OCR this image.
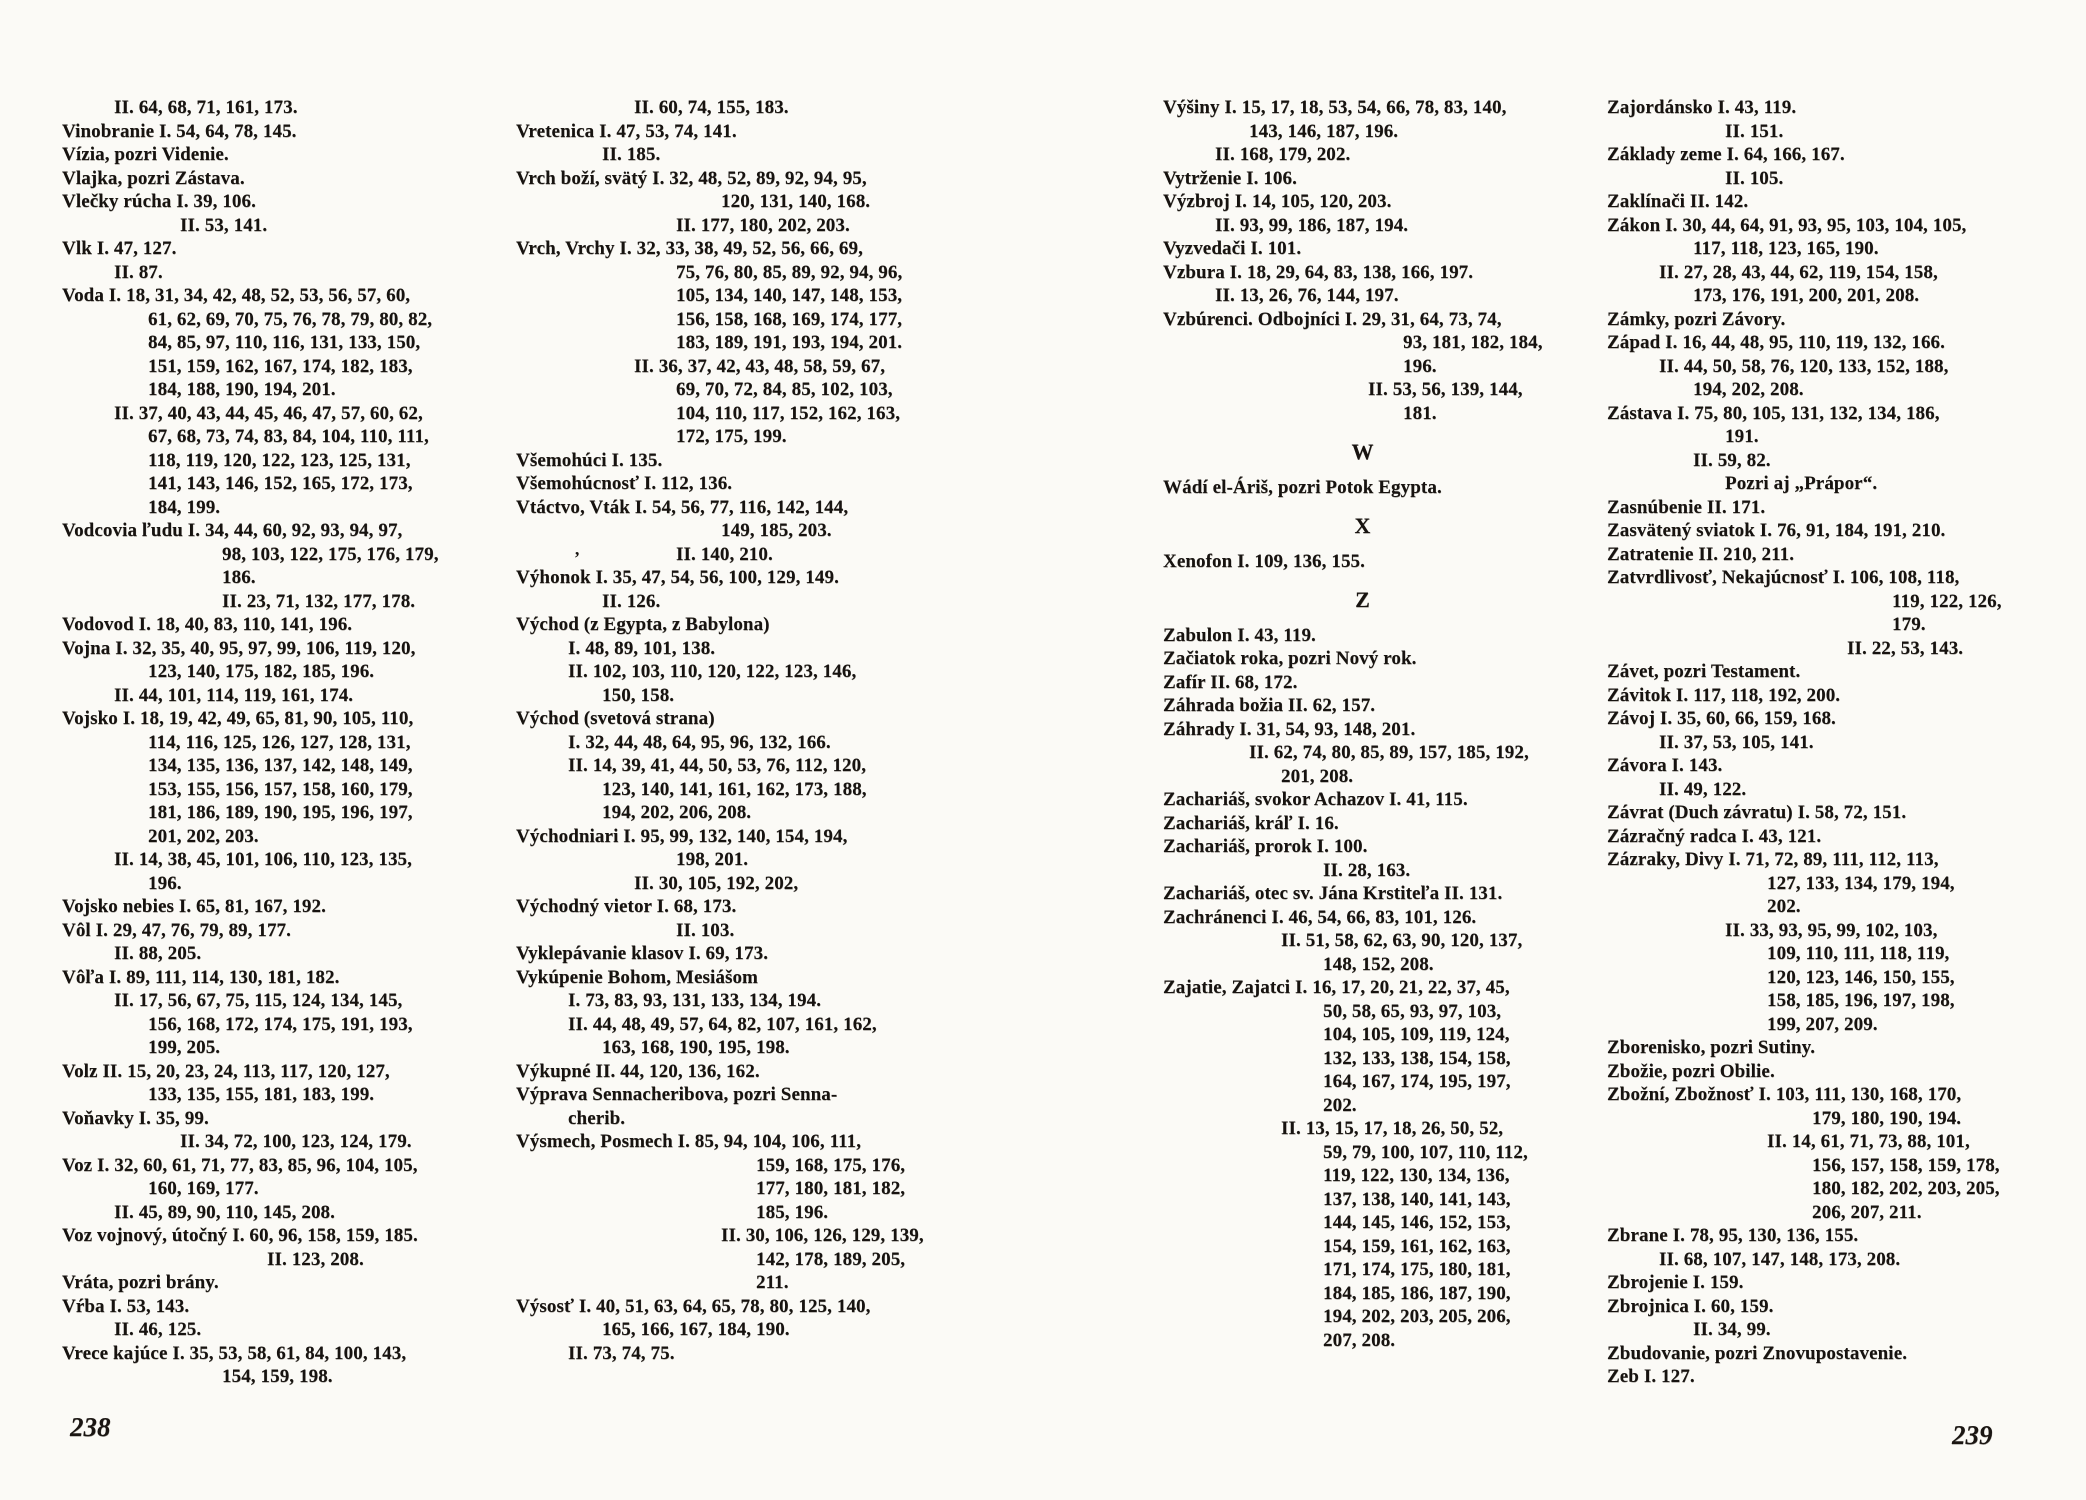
II. 64, 68, 71, 161, 173.
Vinobranie I. 54, 64, 78, 145.
Vízia, pozri Videnie.
Vlajka, pozri Zástava.
Vlečky rúcha I. 39, 106.
II. 53, 141.
Vlk I. 47, 127.
II. 87.
Voda I. 18, 31, 34, 42, 48, 52, 53, 56, 57, 60,
61, 62, 69, 70, 75, 76, 78, 79, 80, 82,
84, 85, 97, 110, 116, 131, 133, 150,
151, 159, 162, 167, 174, 182, 183,
184, 188, 190, 194, 201.
II. 37, 40, 43, 44, 45, 46, 47, 57, 60, 62,
67, 68, 73, 74, 83, 84, 104, 110, 111,
118, 119, 120, 122, 123, 125, 131,
141, 143, 146, 152, 165, 172, 173,
184, 199.
Vodcovia ľudu I. 34, 44, 60, 92, 93, 94, 97,
98, 103, 122, 175, 176, 179,
186.
II. 23, 71, 132, 177, 178.
Vodovod I. 18, 40, 83, 110, 141, 196.
Vojna I. 32, 35, 40, 95, 97, 99, 106, 119, 120,
123, 140, 175, 182, 185, 196.
II. 44, 101, 114, 119, 161, 174.
Vojsko I. 18, 19, 42, 49, 65, 81, 90, 105, 110,
114, 116, 125, 126, 127, 128, 131,
134, 135, 136, 137, 142, 148, 149,
153, 155, 156, 157, 158, 160, 179,
181, 186, 189, 190, 195, 196, 197,
201, 202, 203.
II. 14, 38, 45, 101, 106, 110, 123, 135,
196.
Vojsko nebies I. 65, 81, 167, 192.
Vôl I. 29, 47, 76, 79, 89, 177.
II. 88, 205.
Vôľa I. 89, 111, 114, 130, 181, 182.
II. 17, 56, 67, 75, 115, 124, 134, 145,
156, 168, 172, 174, 175, 191, 193,
199, 205.
Volz II. 15, 20, 23, 24, 113, 117, 120, 127,
133, 135, 155, 181, 183, 199.
Voňavky I. 35, 99.
II. 34, 72, 100, 123, 124, 179.
Voz I. 32, 60, 61, 71, 77, 83, 85, 96, 104, 105,
160, 169, 177.
II. 45, 89, 90, 110, 145, 208.
Voz vojnový, útočný I. 60, 96, 158, 159, 185.
II. 123, 208.
Vráta, pozri brány.
Vŕba I. 53, 143.
II. 46, 125.
Vrece kajúce I. 35, 53, 58, 61, 84, 100, 143,
154, 159, 198.
II. 60, 74, 155, 183.
Vretenica I. 47, 53, 74, 141.
II. 185.
Vrch boží, svätý I. 32, 48, 52, 89, 92, 94, 95,
120, 131, 140, 168.
II. 177, 180, 202, 203.
Vrch, Vrchy I. 32, 33, 38, 49, 52, 56, 66, 69,
75, 76, 80, 85, 89, 92, 94, 96,
105, 134, 140, 147, 148, 153,
156, 158, 168, 169, 174, 177,
183, 189, 191, 193, 194, 201.
II. 36, 37, 42, 43, 48, 58, 59, 67,
69, 70, 72, 84, 85, 102, 103,
104, 110, 117, 152, 162, 163,
172, 175, 199.
Všemohúci I. 135.
Všemohúcnosť I. 112, 136.
Vtáctvo, Vták I. 54, 56, 77, 116, 142, 144,
149, 185, 203.
II. 140, 210.
Výhonok I. 35, 47, 54, 56, 100, 129, 149.
II. 126.
Východ (z Egypta, z Babylona)
I. 48, 89, 101, 138.
II. 102, 103, 110, 120, 122, 123, 146,
150, 158.
Východ (svetová strana)
I. 32, 44, 48, 64, 95, 96, 132, 166.
II. 14, 39, 41, 44, 50, 53, 76, 112, 120,
123, 140, 141, 161, 162, 173, 188,
194, 202, 206, 208.
Východniari I. 95, 99, 132, 140, 154, 194,
198, 201.
II. 30, 105, 192, 202,
Východný vietor I. 68, 173.
II. 103.
Vyklepávanie klasov I. 69, 173.
Vykúpenie Bohom, Mesiášom
I. 73, 83, 93, 131, 133, 134, 194.
II. 44, 48, 49, 57, 64, 82, 107, 161, 162,
163, 168, 190, 195, 198.
Výkupné II. 44, 120, 136, 162.
Výprava Sennacheribova, pozri Senna-
cherib.
Výsmech, Posmech I. 85, 94, 104, 106, 111,
159, 168, 175, 176,
177, 180, 181, 182,
185, 196.
II. 30, 106, 126, 129, 139,
142, 178, 189, 205,
211.
Výsosť I. 40, 51, 63, 64, 65, 78, 80, 125, 140,
165, 166, 167, 184, 190.
II. 73, 74, 75.
Výšiny I. 15, 17, 18, 53, 54, 66, 78, 83, 140,
143, 146, 187, 196.
II. 168, 179, 202.
Vytrženie I. 106.
Výzbroj I. 14, 105, 120, 203.
II. 93, 99, 186, 187, 194.
Vyzvedači I. 101.
Vzbura I. 18, 29, 64, 83, 138, 166, 197.
II. 13, 26, 76, 144, 197.
Vzbúrenci. Odbojníci I. 29, 31, 64, 73, 74,
93, 181, 182, 184,
196.
II. 53, 56, 139, 144,
181.
W
Wádí el-Áriš, pozri Potok Egypta.
X
Xenofon I. 109, 136, 155.
Z
Zabulon I. 43, 119.
Začiatok roka, pozri Nový rok.
Zafír II. 68, 172.
Záhrada božia II. 62, 157.
Záhrady I. 31, 54, 93, 148, 201.
II. 62, 74, 80, 85, 89, 157, 185, 192,
201, 208.
Zachariáš, svokor Achazov I. 41, 115.
Zachariáš, kráľ I. 16.
Zachariáš, prorok I. 100.
II. 28, 163.
Zachariáš, otec sv. Jána Krstiteľa II. 131.
Zachránenci I. 46, 54, 66, 83, 101, 126.
II. 51, 58, 62, 63, 90, 120, 137,
148, 152, 208.
Zajatie, Zajatci I. 16, 17, 20, 21, 22, 37, 45,
50, 58, 65, 93, 97, 103,
104, 105, 109, 119, 124,
132, 133, 138, 154, 158,
164, 167, 174, 195, 197,
202.
II. 13, 15, 17, 18, 26, 50, 52,
59, 79, 100, 107, 110, 112,
119, 122, 130, 134, 136,
137, 138, 140, 141, 143,
144, 145, 146, 152, 153,
154, 159, 161, 162, 163,
171, 174, 175, 180, 181,
184, 185, 186, 187, 190,
194, 202, 203, 205, 206,
207, 208.
Zajordánsko I. 43, 119.
II. 151.
Základy zeme I. 64, 166, 167.
II. 105.
Zaklínači II. 142.
Zákon I. 30, 44, 64, 91, 93, 95, 103, 104, 105,
117, 118, 123, 165, 190.
II. 27, 28, 43, 44, 62, 119, 154, 158,
173, 176, 191, 200, 201, 208.
Zámky, pozri Závory.
Západ I. 16, 44, 48, 95, 110, 119, 132, 166.
II. 44, 50, 58, 76, 120, 133, 152, 188,
194, 202, 208.
Zástava I. 75, 80, 105, 131, 132, 134, 186,
191.
II. 59, 82.
Pozri aj „Prápor“.
Zasnúbenie II. 171.
Zasvätený sviatok I. 76, 91, 184, 191, 210.
Zatratenie II. 210, 211.
Zatvrdlivosť, Nekajúcnosť I. 106, 108, 118,
119, 122, 126,
179.
II. 22, 53, 143.
Závet, pozri Testament.
Závitok I. 117, 118, 192, 200.
Závoj I. 35, 60, 66, 159, 168.
II. 37, 53, 105, 141.
Závora I. 143.
II. 49, 122.
Závrat (Duch závratu) I. 58, 72, 151.
Zázračný radca I. 43, 121.
Zázraky, Divy I. 71, 72, 89, 111, 112, 113,
127, 133, 134, 179, 194,
202.
II. 33, 93, 95, 99, 102, 103,
109, 110, 111, 118, 119,
120, 123, 146, 150, 155,
158, 185, 196, 197, 198,
199, 207, 209.
Zborenisko, pozri Sutiny.
Zbožie, pozri Obilie.
Zbožní, Zbožnosť I. 103, 111, 130, 168, 170,
179, 180, 190, 194.
II. 14, 61, 71, 73, 88, 101,
156, 157, 158, 159, 178,
180, 182, 202, 203, 205,
206, 207, 211.
Zbrane I. 78, 95, 130, 136, 155.
II. 68, 107, 147, 148, 173, 208.
Zbrojenie I. 159.
Zbrojnica I. 60, 159.
II. 34, 99.
Zbudovanie, pozri Znovupostavenie.
Zeb I. 127.
238	239
’
